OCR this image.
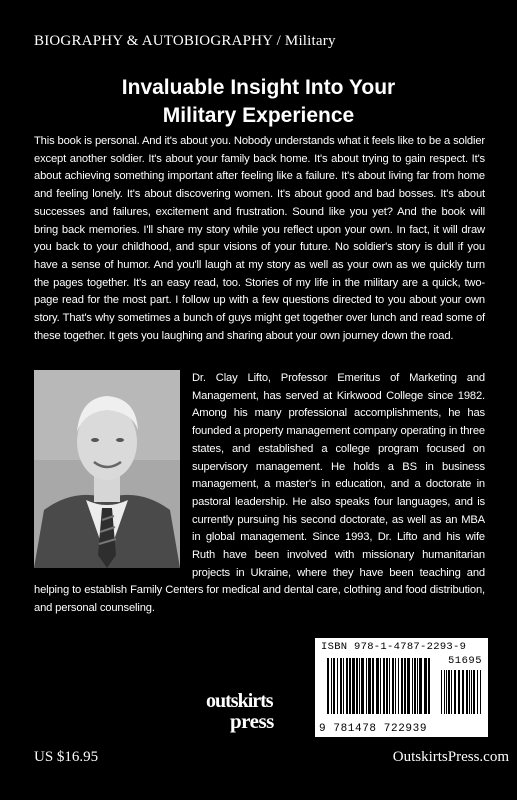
BIOGRAPHY & AUTOBIOGRAPHY / Military
Invaluable Insight Into Your
Military Experience

This book is personal. And it's about you. Nobody understands what it feels like to be a soldier except another soldier. It's about your family back home. It's about trying to gain respect. It's about achieving something important after feeling like a failure. It's about living far from home and feeling lonely. It's about discovering women. It's about good and bad bosses. It's about successes and failures, excitement and frustration. Sound like you yet? And the book will bring back memories. I'll share my story while you reflect upon your own. In fact, it will draw you back to your childhood, and spur visions of your future. No soldier's story is dull if you have a sense of humor. And you'll laugh at my story as well as your own as we quickly turn the pages together. It's an easy read, too. Stories of my life in the military are a quick, two-page read for the most part. I follow up with a few questions directed to you about your own story. That's why sometimes a bunch of guys might get together over lunch and read some of these together. It gets you laughing and sharing about your own journey down the road.

Dr. Clay Lifto, Professor Emeritus of Marketing and Management, has served at Kirkwood College since 1982. Among his many professional accomplishments, he has founded a property management company operating in three states, and established a college program focused on supervisory management. He holds a BS in business management, a master's in education, and a doctorate in pastoral leadership. He also speaks four languages, and is currently pursuing his second doctorate, as well as an MBA in global management. Since 1993, Dr. Lifto and his wife Ruth have been involved with missionary humanitarian projects in Ukraine, where they have been teaching and helping to establish Family Centers for medical and dental care, clothing and food distribution, and personal counseling.

ISBN 978-1-4787-2293-9
51695
9 781478 722939
outskirts
press
US $16.95	OutskirtsPress.com
